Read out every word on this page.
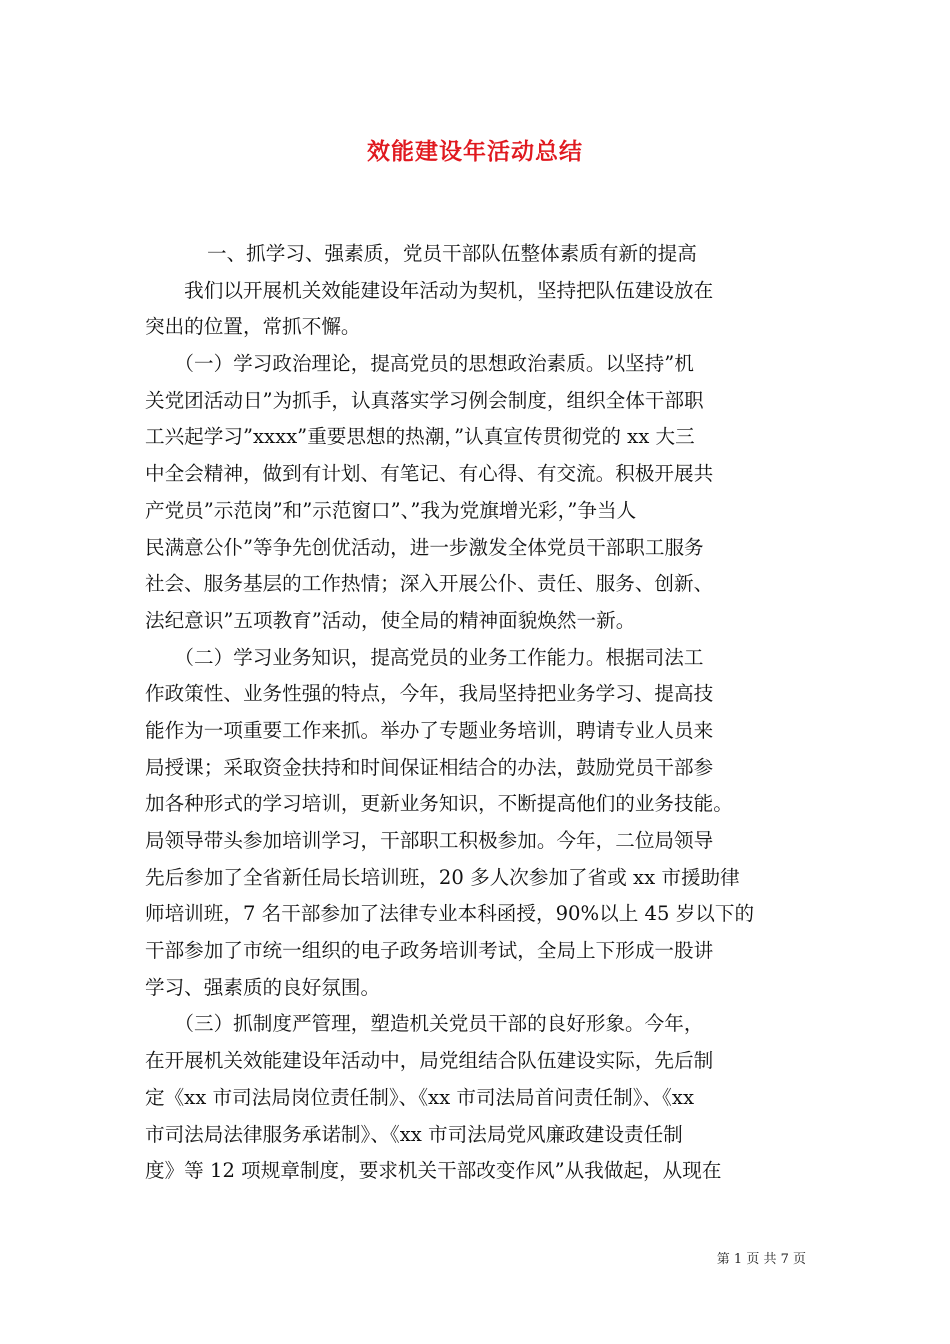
效能建设年活动总结
一、抓学习、强素质，党员干部队伍整体素质有新的提高
　　我们以开展机关效能建设年活动为契机，坚持把队伍建设放在
突出的位置，常抓不懈。
　　（一）学习政治理论，提高党员的思想政治素质。以坚持”机
关党团活动日”为抓手，认真落实学习例会制度，组织全体干部职
工兴起学习”xxxx”重要思想的热潮，”认真宣传贯彻党的 xx 大三
中全会精神，做到有计划、有笔记、有心得、有交流。积极开展共
产党员”示范岗”和”示范窗口”、”我为党旗增光彩，”争当人
民满意公仆”等争先创优活动，进一步激发全体党员干部职工服务
社会、服务基层的工作热情；深入开展公仆、责任、服务、创新、
法纪意识”五项教育”活动，使全局的精神面貌焕然一新。
　　（二）学习业务知识，提高党员的业务工作能力。根据司法工
作政策性、业务性强的特点，今年，我局坚持把业务学习、提高技
能作为一项重要工作来抓。举办了专题业务培训，聘请专业人员来
局授课；采取资金扶持和时间保证相结合的办法，鼓励党员干部参
加各种形式的学习培训，更新业务知识，不断提高他们的业务技能。
局领导带头参加培训学习，干部职工积极参加。今年，二位局领导
先后参加了全省新任局长培训班，20 多人次参加了省或 xx 市援助律
师培训班，7 名干部参加了法律专业本科函授，90%以上 45 岁以下的
干部参加了市统一组织的电子政务培训考试，全局上下形成一股讲
学习、强素质的良好氛围。
　　（三）抓制度严管理，塑造机关党员干部的良好形象。今年，
在开展机关效能建设年活动中，局党组结合队伍建设实际，先后制
定《xx 市司法局岗位责任制》、《xx 市司法局首问责任制》、《xx
市司法局法律服务承诺制》、《xx 市司法局党风廉政建设责任制
度》等 12 项规章制度，要求机关干部改变作风”从我做起，从现在
第 1 页 共 7 页
